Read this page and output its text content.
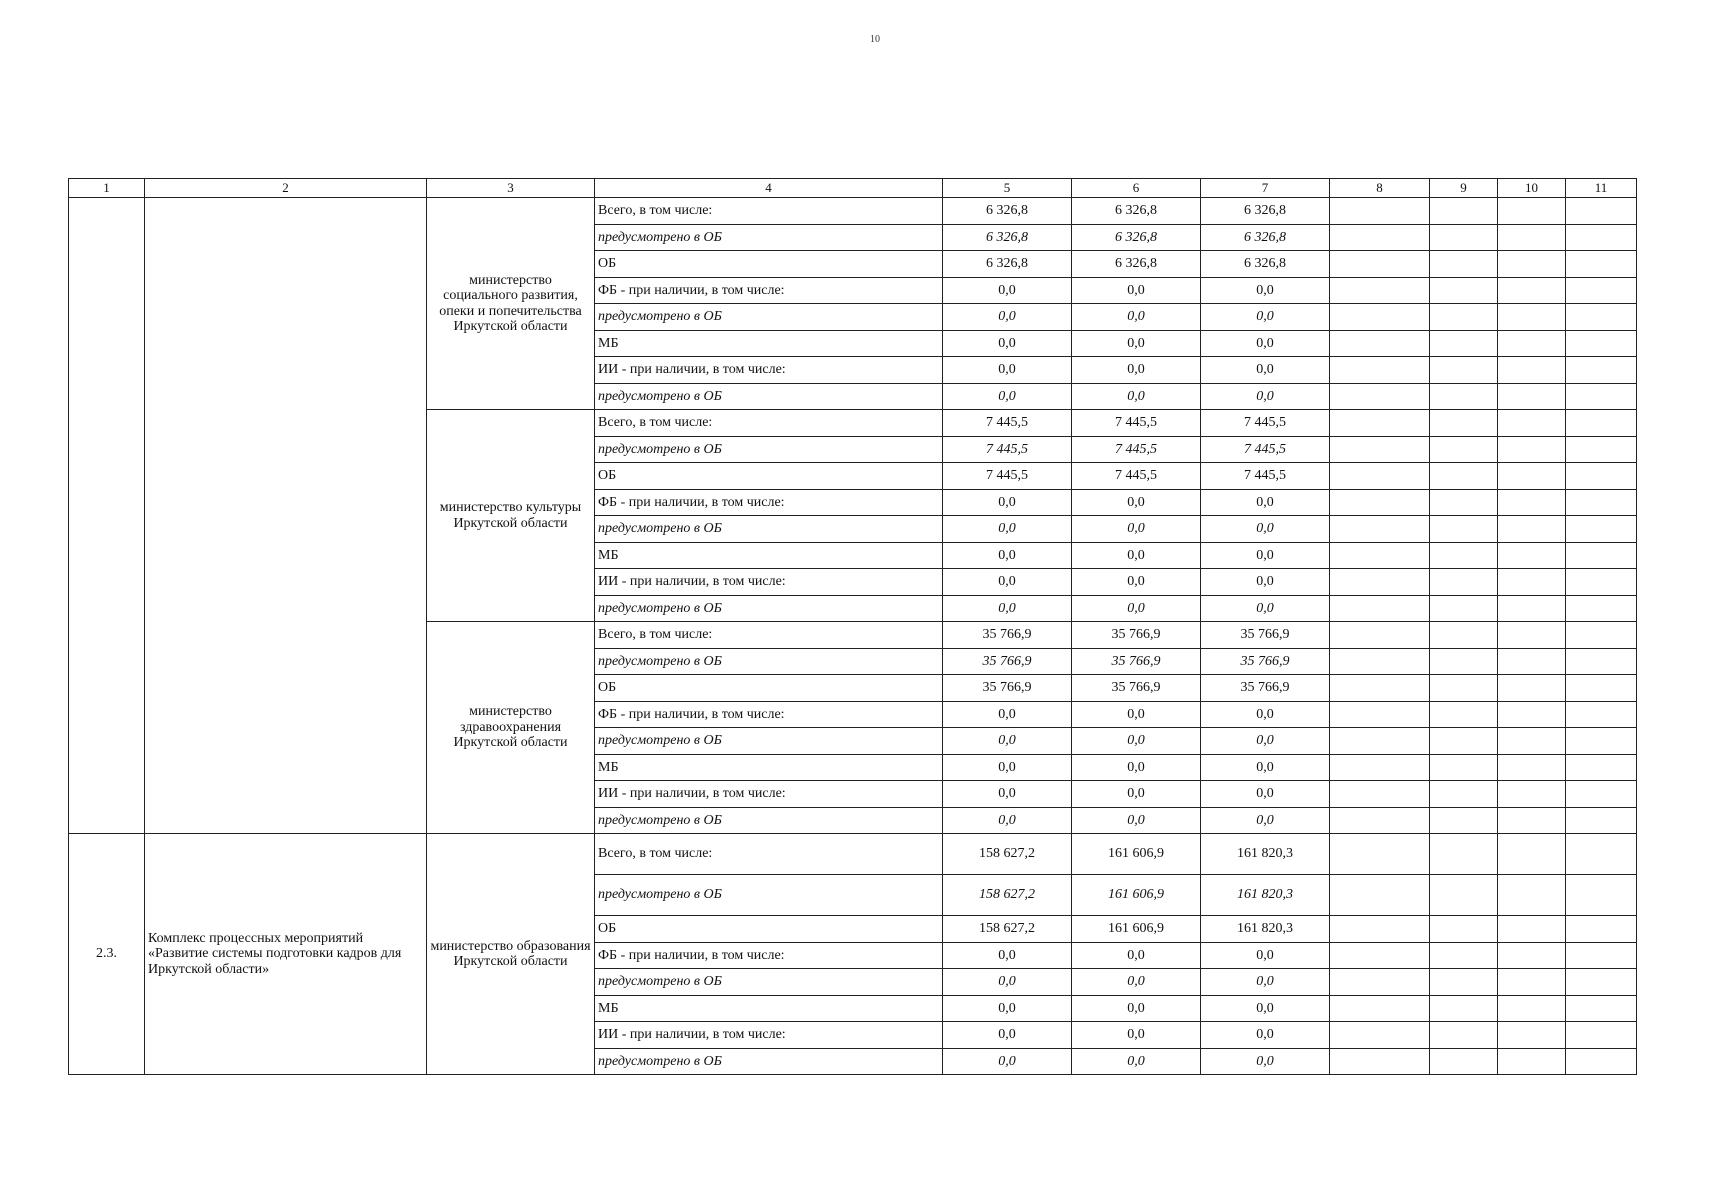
10
1	2	3	4	5	6	7	8	9	10	11
		министерство социального развития, опеки и попечительства Иркутской области	Всего, в том числе:	6 326,8	6 326,8	6 326,8				
			предусмотрено в ОБ	6 326,8	6 326,8	6 326,8				
			ОБ	6 326,8	6 326,8	6 326,8				
			ФБ - при наличии, в том числе:	0,0	0,0	0,0				
			предусмотрено в ОБ	0,0	0,0	0,0				
			МБ	0,0	0,0	0,0				
			ИИ - при наличии, в том числе:	0,0	0,0	0,0				
			предусмотрено в ОБ	0,0	0,0	0,0				
		министерство культуры Иркутской области	Всего, в том числе:	7 445,5	7 445,5	7 445,5				
			предусмотрено в ОБ	7 445,5	7 445,5	7 445,5				
			ОБ	7 445,5	7 445,5	7 445,5				
			ФБ - при наличии, в том числе:	0,0	0,0	0,0				
			предусмотрено в ОБ	0,0	0,0	0,0				
			МБ	0,0	0,0	0,0				
			ИИ - при наличии, в том числе:	0,0	0,0	0,0				
			предусмотрено в ОБ	0,0	0,0	0,0				
		министерство здравоохранения Иркутской области	Всего, в том числе:	35 766,9	35 766,9	35 766,9				
			предусмотрено в ОБ	35 766,9	35 766,9	35 766,9				
			ОБ	35 766,9	35 766,9	35 766,9				
			ФБ - при наличии, в том числе:	0,0	0,0	0,0				
			предусмотрено в ОБ	0,0	0,0	0,0				
			МБ	0,0	0,0	0,0				
			ИИ - при наличии, в том числе:	0,0	0,0	0,0				
			предусмотрено в ОБ	0,0	0,0	0,0				
2.3.	Комплекс процессных мероприятий «Развитие системы подготовки кадров для Иркутской области»	министерство образования Иркутской области	Всего, в том числе:	158 627,2	161 606,9	161 820,3				
			предусмотрено в ОБ	158 627,2	161 606,9	161 820,3				
			ОБ	158 627,2	161 606,9	161 820,3				
			ФБ - при наличии, в том числе:	0,0	0,0	0,0				
			предусмотрено в ОБ	0,0	0,0	0,0				
			МБ	0,0	0,0	0,0				
			ИИ - при наличии, в том числе:	0,0	0,0	0,0				
			предусмотрено в ОБ	0,0	0,0	0,0				
